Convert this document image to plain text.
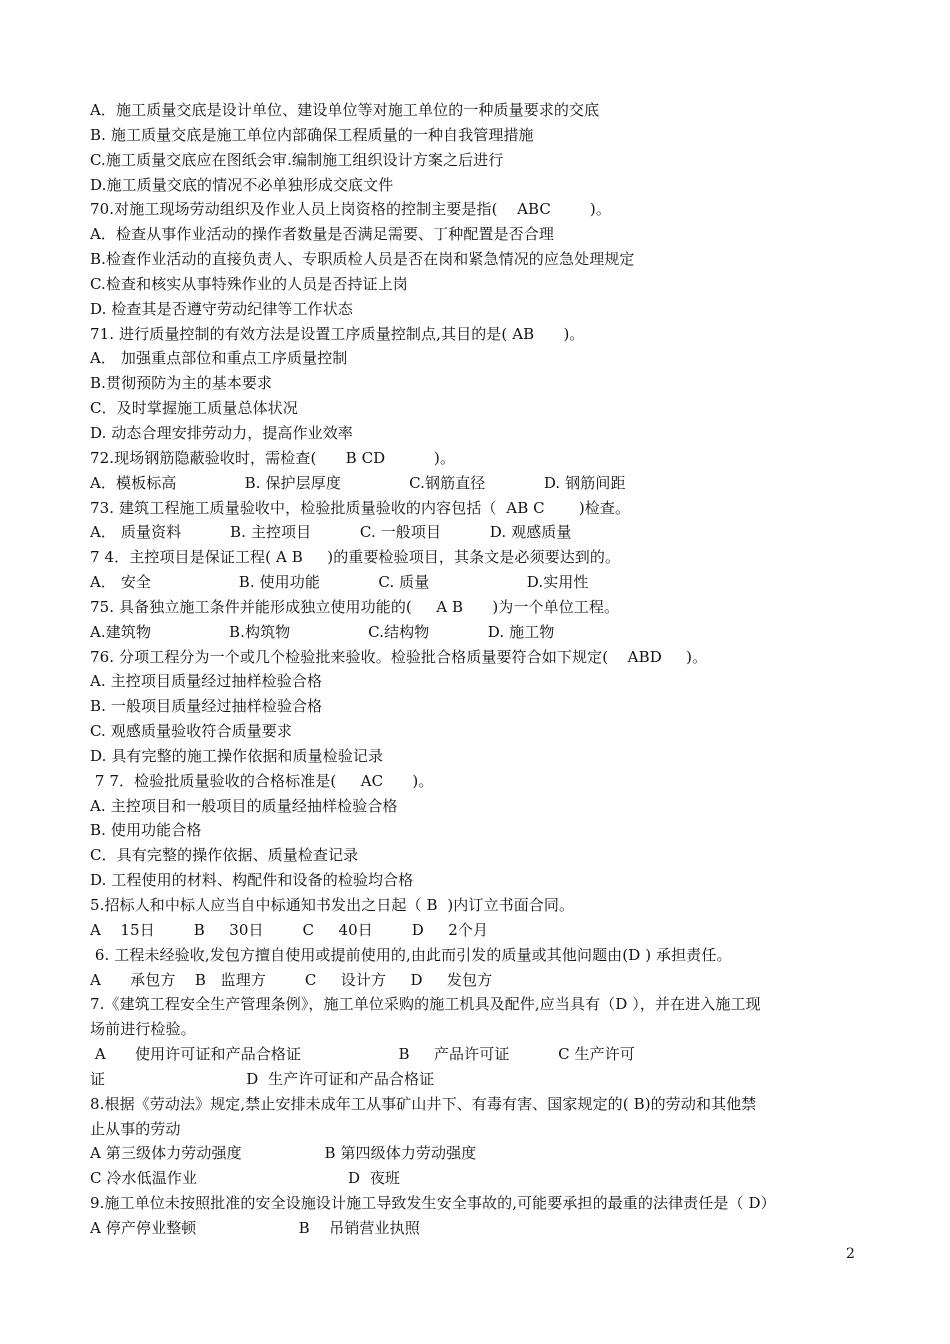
A．施工质量交底是设计单位、建设单位等对施工单位的一种质量要求的交底
B. 施工质量交底是施工单位内部确保工程质量的一种自我管理措施
C.施工质量交底应在图纸会审.编制施工组织设计方案之后进行
D.施工质量交底的情况不必单独形成交底文件
70.对施工现场劳动组织及作业人员上岗资格的控制主要是指(    ABC        )。
A．检查从事作业活动的操作者数量是否满足需要、丁种配置是否合理
B.检查作业活动的直接负责人、专职质检人员是否在岗和紧急情况的应急处理规定
C.检查和核实从事特殊作业的人员是否持证上岗
D. 检查其是否遵守劳动纪律等工作状态
71. 进行质量控制的有效方法是设置工序质量控制点,其目的是( AB      )。
A． 加强重点部位和重点工序质量控制
B.贯彻预防为主的基本要求
C．及时掌握施工质量总体状况
D. 动态合理安排劳动力，提高作业效率
72.现场钢筋隐蔽验收时，需检查(      B CD          )。
A．模板标高              B. 保护层厚度              C.钢筋直径            D. 钢筋间距
73. 建筑工程施工质量验收中，检验批质量验收的内容包括（  AB C       )检查。
A． 质量资料          B. 主控项目          C. 一般项目          D. 观感质量
7 4．主控项目是保证工程( A B     )的重要检验项目，其条文是必须要达到的。
A． 安全                  B. 使用功能            C. 质量                    D.实用性
75. 具备独立施工条件并能形成独立使用功能的(     A B      )为一个单位工程。
A.建筑物                B.构筑物                C.结构物            D. 施工物
76. 分项工程分为一个或几个检验批来验收。检验批合格质量要符合如下规定(    ABD     )。
A. 主控项目质量经过抽样检验合格
B. 一般项目质量经过抽样检验合格
C. 观感质量验收符合质量要求
D. 具有完整的施工操作依据和质量检验记录
7 7．检验批质量验收的合格标准是(     AC      )。
A. 主控项目和一般项目的质量经抽样检验合格
B. 使用功能合格
C．具有完整的操作依据、质量检查记录
D. 工程使用的材料、构配件和设备的检验均合格
5.招标人和中标人应当自中标通知书发出之日起（ B  )内订立书面合同。
A    15日        B     30日        C     40日        D     2个月
6. 工程未经验收,发包方擅自使用或提前使用的,由此而引发的质量或其他问题由(D ) 承担责任。
A      承包方    B   监理方        C     设计方     D     发包方
7.《建筑工程安全生产管理条例》，施工单位采购的施工机具及配件,应当具有（D ），并在进入施工现
场前进行检验。
A      使用许可证和产品合格证                    B     产品许可证          C 生产许可
证                             D  生产许可证和产品合格证
8.根据《劳动法》规定,禁止安排未成年工从事矿山井下、有毒有害、国家规定的( B)的劳动和其他禁
止从事的劳动
A 第三级体力劳动强度                 B 第四级体力劳动强度
C 冷水低温作业                               D  夜班
9.施工单位未按照批准的安全设施设计施工导致发生安全事故的,可能要承担的最重的法律责任是（ D）
A 停产停业整顿                     B    吊销营业执照
2
